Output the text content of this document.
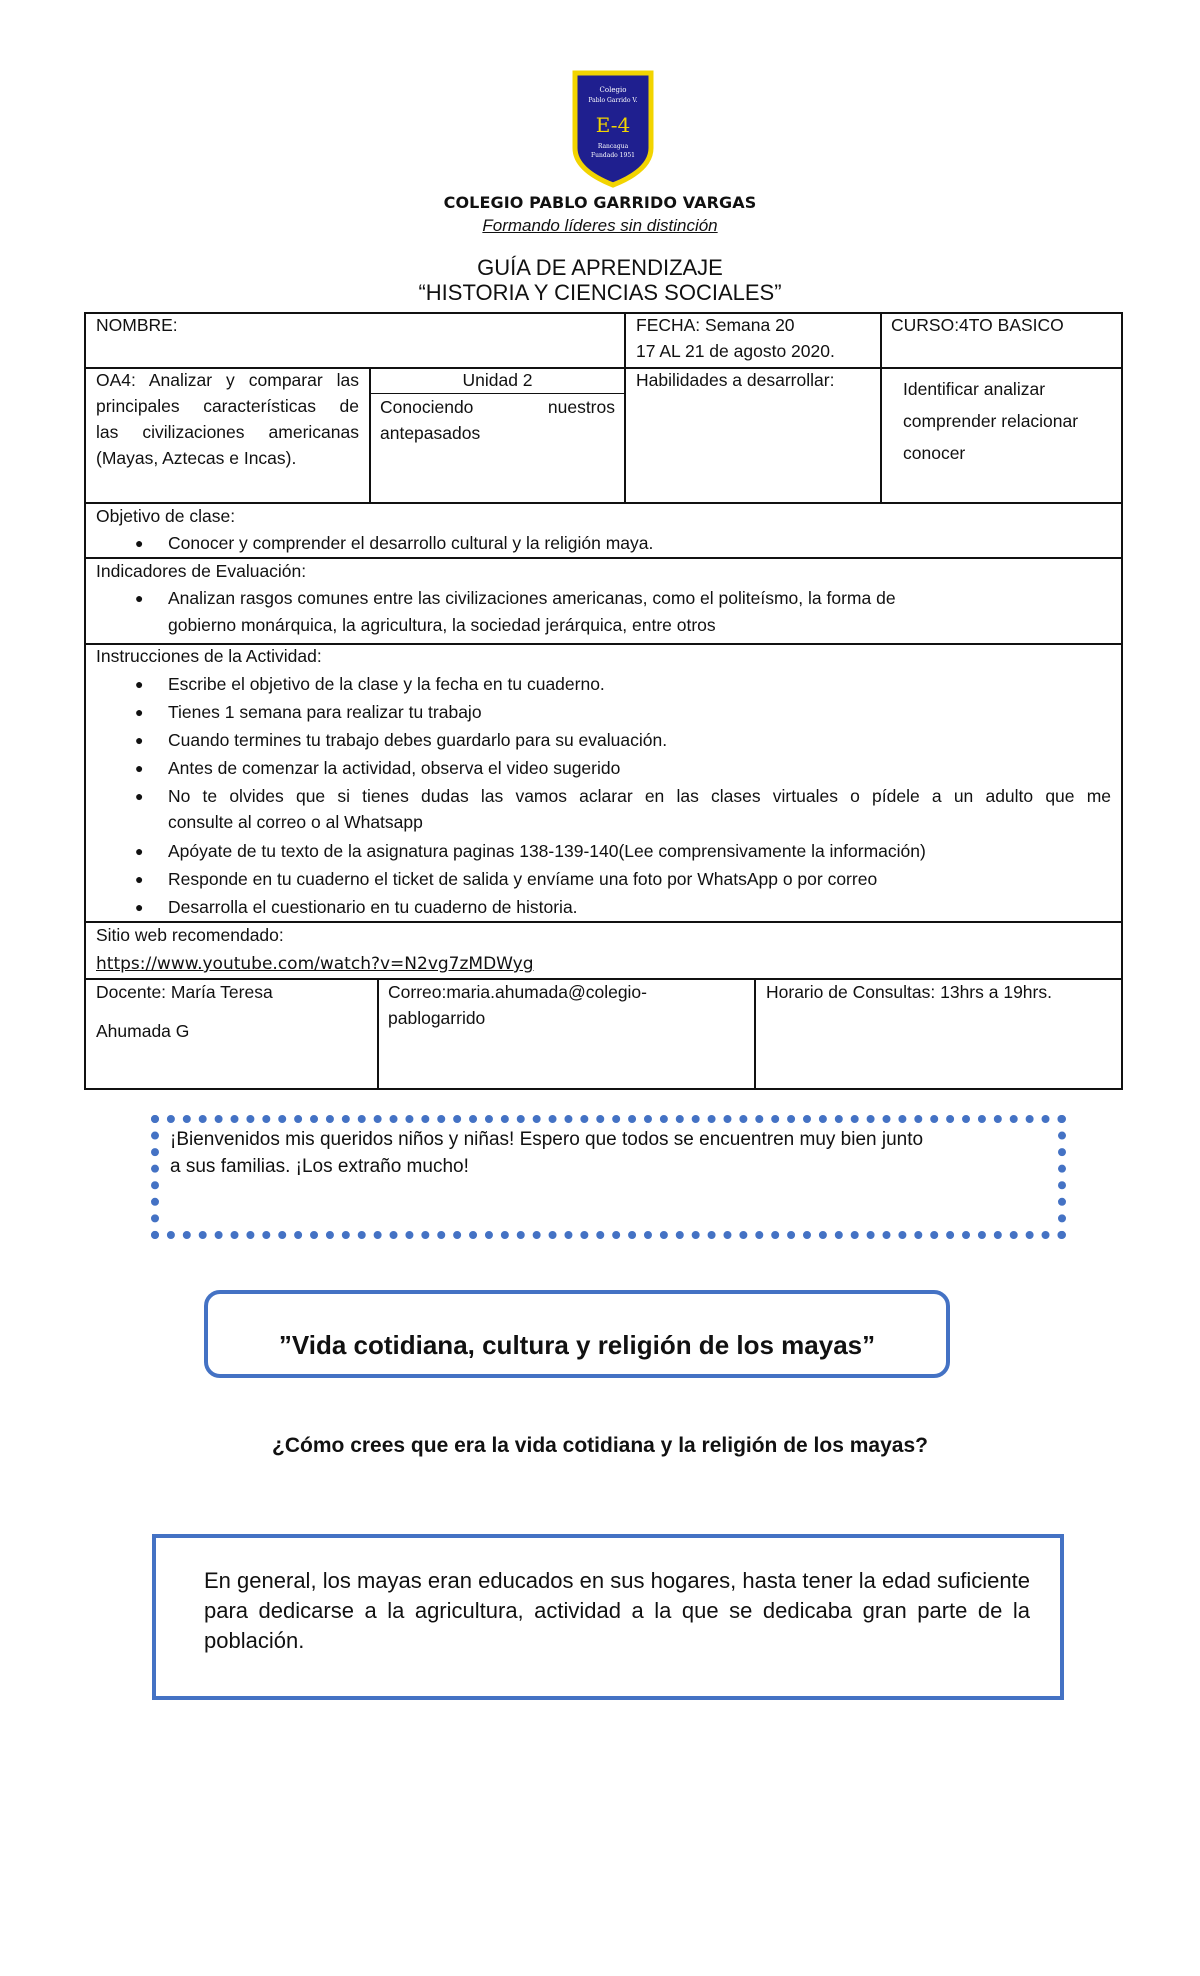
Colegio
Pablo Garrido V.
E-4
Rancagua
Fundado 1951
COLEGIO PABLO GARRIDO VARGAS
Formando líderes sin distinción
GUÍA DE APRENDIZAJE
“HISTORIA Y CIENCIAS SOCIALES”
NOMBRE:	FECHA: Semana 20
17 AL 21 de agosto 2020.
CURSO:4TO BASICO
OA4: Analizar y comparar las
principales características de
las civilizaciones americanas
(Mayas, Aztecas e Incas).
Unidad 2
Conociendo nuestros
antepasados
Habilidades a desarrollar:	Identificar analizar
comprender relacionar
conocer
Objetivo de clase:
● Conocer y comprender el desarrollo cultural y la religión maya.
Indicadores de Evaluación:
● Analizan rasgos comunes entre las civilizaciones americanas, como el politeísmo, la forma de
gobierno monárquica, la agricultura, la sociedad jerárquica, entre otros
Instrucciones de la Actividad:
● Escribe el objetivo de la clase y la fecha en tu cuaderno.
● Tienes 1 semana para realizar tu trabajo
● Cuando termines tu trabajo debes guardarlo para su evaluación.
● Antes de comenzar la actividad, observa el video sugerido
● No te olvides que si tienes dudas las vamos aclarar en las clases virtuales o pídele a un adulto que me
consulte al correo o al Whatsapp
● Apóyate de tu texto de la asignatura paginas 138-139-140(Lee comprensivamente la información)
● Responde en tu cuaderno el ticket de salida y envíame una foto por WhatsApp o por correo
● Desarrolla el cuestionario en tu cuaderno de historia.
Sitio web recomendado:
https://www.youtube.com/watch?v=N2vg7zMDWyg
Docente: María Teresa
Ahumada G
Correo:maria.ahumada@colegio-
pablogarrido
Horario de Consultas: 13hrs a 19hrs.
¡Bienvenidos mis queridos niños y niñas! Espero que todos se encuentren muy bien junto
a sus familias. ¡Los extraño mucho!
”Vida cotidiana, cultura y religión de los mayas”
¿Cómo crees que era la vida cotidiana y la religión de los mayas?
En general, los mayas eran educados en sus hogares, hasta tener la edad suficiente para dedicarse a la agricultura, actividad a la que se dedicaba gran parte de la población.
